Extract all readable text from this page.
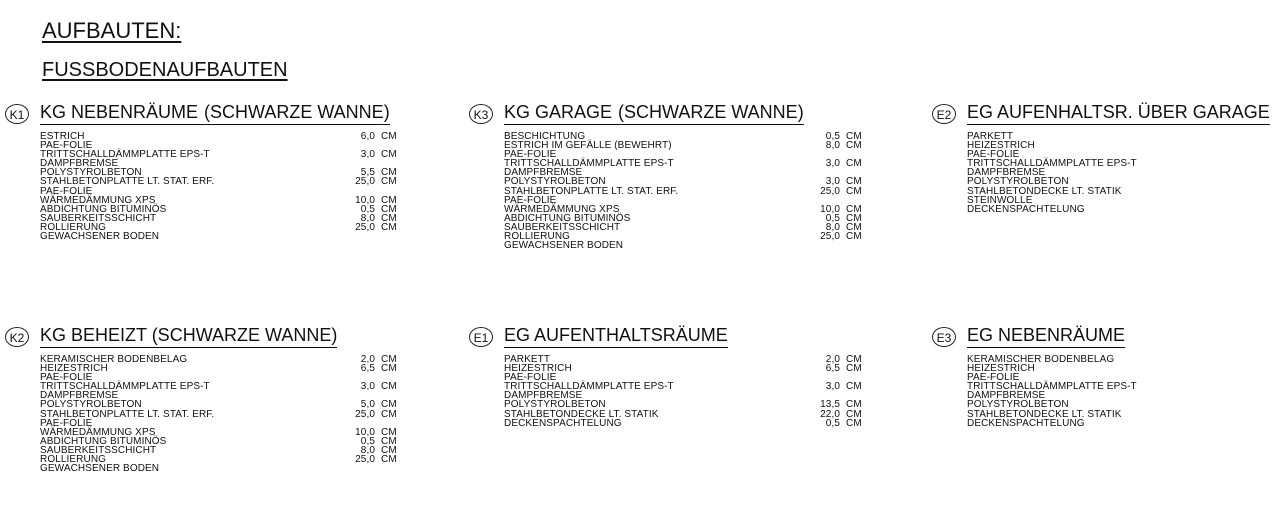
AUFBAUTEN:
FUSSBODENAUFBAUTEN
K1 KG NEBENRÄUME (SCHWARZE WANNE)
ESTRICH	6,0 CM
PAE-FOLIE
TRITTSCHALLDÄMMPLATTE EPS-T	3,0 CM
DAMPFBREMSE
POLYSTYROLBETON	5,5 CM
STAHLBETONPLATTE LT. STAT. ERF.	25,0 CM
PAE-FOLIE
WÄRMEDÄMMUNG XPS	10,0 CM
ABDICHTUNG BITUMINÖS	0,5 CM
SAUBERKEITSSCHICHT	8,0 CM
ROLLIERUNG	25,0 CM
GEWACHSENER BODEN
K3 KG GARAGE (SCHWARZE WANNE)
BESCHICHTUNG	0,5 CM
ESTRICH IM GEFÄLLE (BEWEHRT)	8,0 CM
PAE-FOLIE
TRITTSCHALLDÄMMPLATTE EPS-T	3,0 CM
DAMPFBREMSE
POLYSTYROLBETON	3,0 CM
STAHLBETONPLATTE LT. STAT. ERF.	25,0 CM
PAE-FOLIE
WÄRMEDÄMMUNG XPS	10,0 CM
ABDICHTUNG BITUMINÖS	0,5 CM
SAUBERKEITSSCHICHT	8,0 CM
ROLLIERUNG	25,0 CM
GEWACHSENER BODEN
E2 EG AUFENHALTSR. ÜBER GARAGE
PARKETT
HEIZESTRICH
PAE-FOLIE
TRITTSCHALLDÄMMPLATTE EPS-T
DAMPFBREMSE
POLYSTYROLBETON
STAHLBETONDECKE LT. STATIK
STEINWOLLE
DECKENSPACHTELUNG
K2 KG BEHEIZT (SCHWARZE WANNE)
KERAMISCHER BODENBELAG	2,0 CM
HEIZESTRICH	6,5 CM
PAE-FOLIE
TRITTSCHALLDÄMMPLATTE EPS-T	3,0 CM
DAMPFBREMSE
POLYSTYROLBETON	5,0 CM
STAHLBETONPLATTE LT. STAT. ERF.	25,0 CM
PAE-FOLIE
WÄRMEDÄMMUNG XPS	10,0 CM
ABDICHTUNG BITUMINÖS	0,5 CM
SAUBERKEITSSCHICHT	8,0 CM
ROLLIERUNG	25,0 CM
GEWACHSENER BODEN
E1 EG AUFENTHALTSRÄUME
PARKETT	2,0 CM
HEIZESTRICH	6,5 CM
PAE-FOLIE
TRITTSCHALLDÄMMPLATTE EPS-T	3,0 CM
DAMPFBREMSE
POLYSTYROLBETON	13,5 CM
STAHLBETONDECKE LT. STATIK	22,0 CM
DECKENSPACHTELUNG	0,5 CM
E3 EG NEBENRÄUME
KERAMISCHER BODENBELAG
HEIZESTRICH
PAE-FOLIE
TRITTSCHALLDÄMMPLATTE EPS-T
DAMPFBREMSE
POLYSTYROLBETON
STAHLBETONDECKE LT. STATIK
DECKENSPACHTELUNG
